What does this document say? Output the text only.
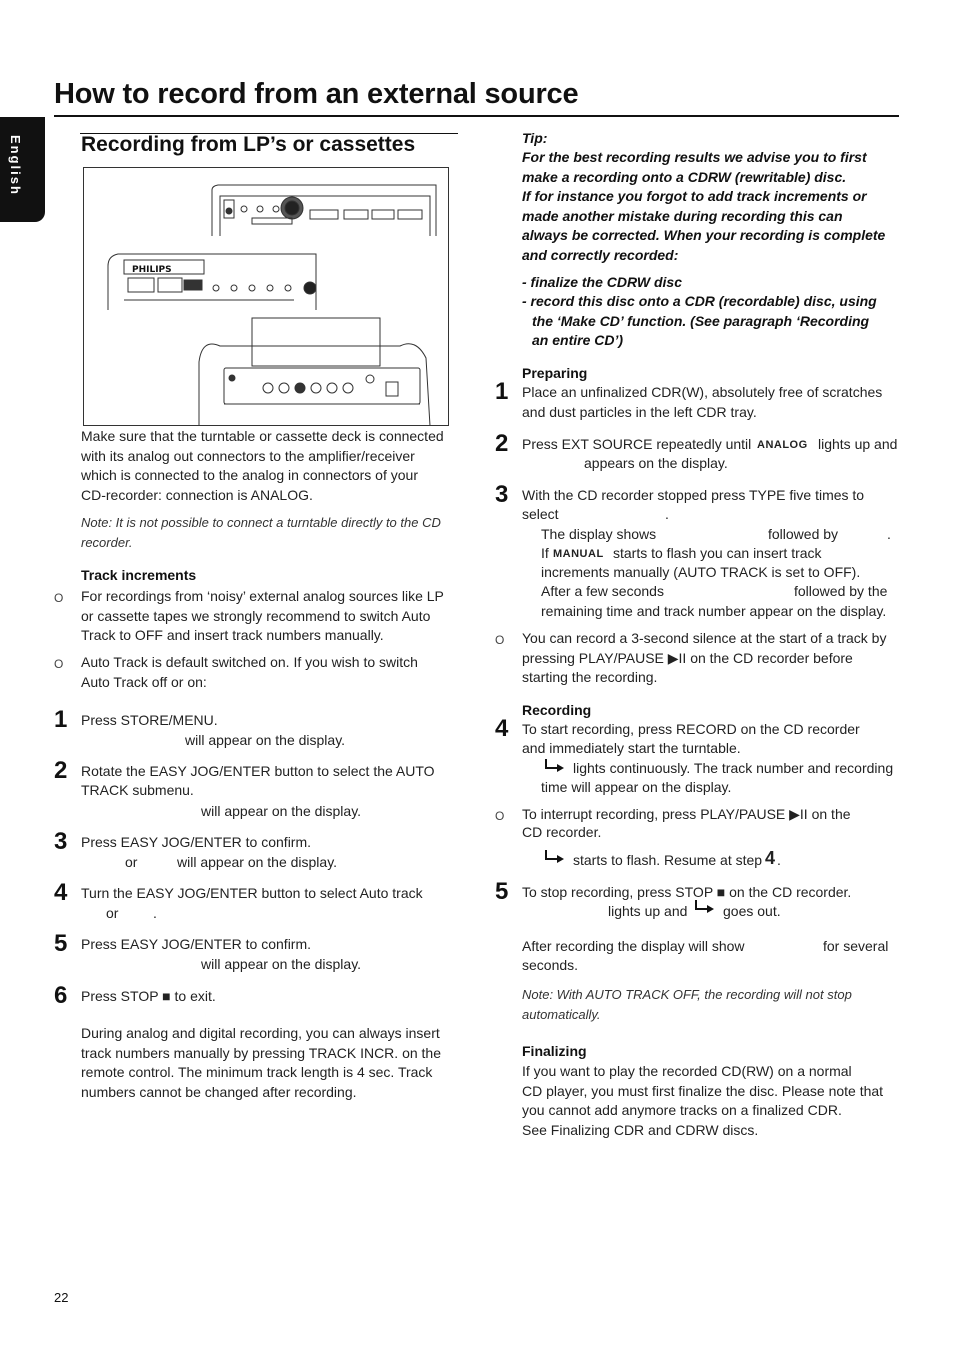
How to record from an external source
English	Recording from LP’s or cassettes
PHILIPS
Make sure that the turntable or cassette deck is connected
with its analog out connectors to the amplifier/receiver
which is connected to the analog in connectors of your
CD-recorder: connection is ANALOG.
Note: It is not possible to connect a turntable directly to the CD
recorder.
Track increments
O For recordings from ‘noisy’ external analog sources like LP
or cassette tapes we strongly recommend to switch Auto
Track to OFF and insert track numbers manually.
O Auto Track is default switched on. If you wish to switch
Auto Track off or on:
1 Press STORE/MENU.
will appear on the display.
2 Rotate the EASY JOG/ENTER button to select the AUTO
TRACK submenu.
will appear on the display.
3 Press EASY JOG/ENTER to confirm.
or	will appear on the display.
4 Turn the EASY JOG/ENTER button to select Auto track
or .
5 Press EASY JOG/ENTER to confirm.
will appear on the display.
6 Press STOP ■ to exit.
During analog and digital recording, you can always insert
track numbers manually by pressing TRACK INCR. on the
remote control. The minimum track length is 4 sec. Track
numbers cannot be changed after recording.
Tip:
For the best recording results we advise you to first
make a recording onto a CDRW (rewritable) disc.
If for instance you forgot to add track increments or
made another mistake during recording this can
always be corrected. When your recording is complete
and correctly recorded:
- finalize the CDRW disc
- record this disc onto a CDR (recordable) disc, using
the ‘Make CD’ function. (See paragraph ‘Recording
an entire CD’)
Preparing
1 Place an unfinalized CDR(W), absolutely free of scratches
and dust particles in the left CDR tray.
2 Press EXT SOURCE repeatedly until ANALOG lights up and
appears on the display.
3 With the CD recorder stopped press TYPE five times to
select	.
The display shows	followed by	.
If MANUAL starts to flash you can insert track
increments manually (AUTO TRACK is set to OFF).
After a few seconds	followed by the
remaining time and track number appear on the display.
O You can record a 3-second silence at the start of a track by
pressing PLAY/PAUSE ▶II on the CD recorder before
starting the recording.
Recording
4 To start recording, press RECORD on the CD recorder
and immediately start the turntable.
lights continuously. The track number and recording
time will appear on the display.
O To interrupt recording, press PLAY/PAUSE ▶II on the
CD recorder.
starts to flash. Resume at step 4 .
5 To stop recording, press STOP ■ on the CD recorder.
lights up and	goes out.
After recording the display will show	for several
seconds.
Note: With AUTO TRACK OFF, the recording will not stop
automatically.
Finalizing
If you want to play the recorded CD(RW) on a normal
CD player, you must first finalize the disc. Please note that
you cannot add anymore tracks on a finalized CDR.
See Finalizing CDR and CDRW discs.
22
